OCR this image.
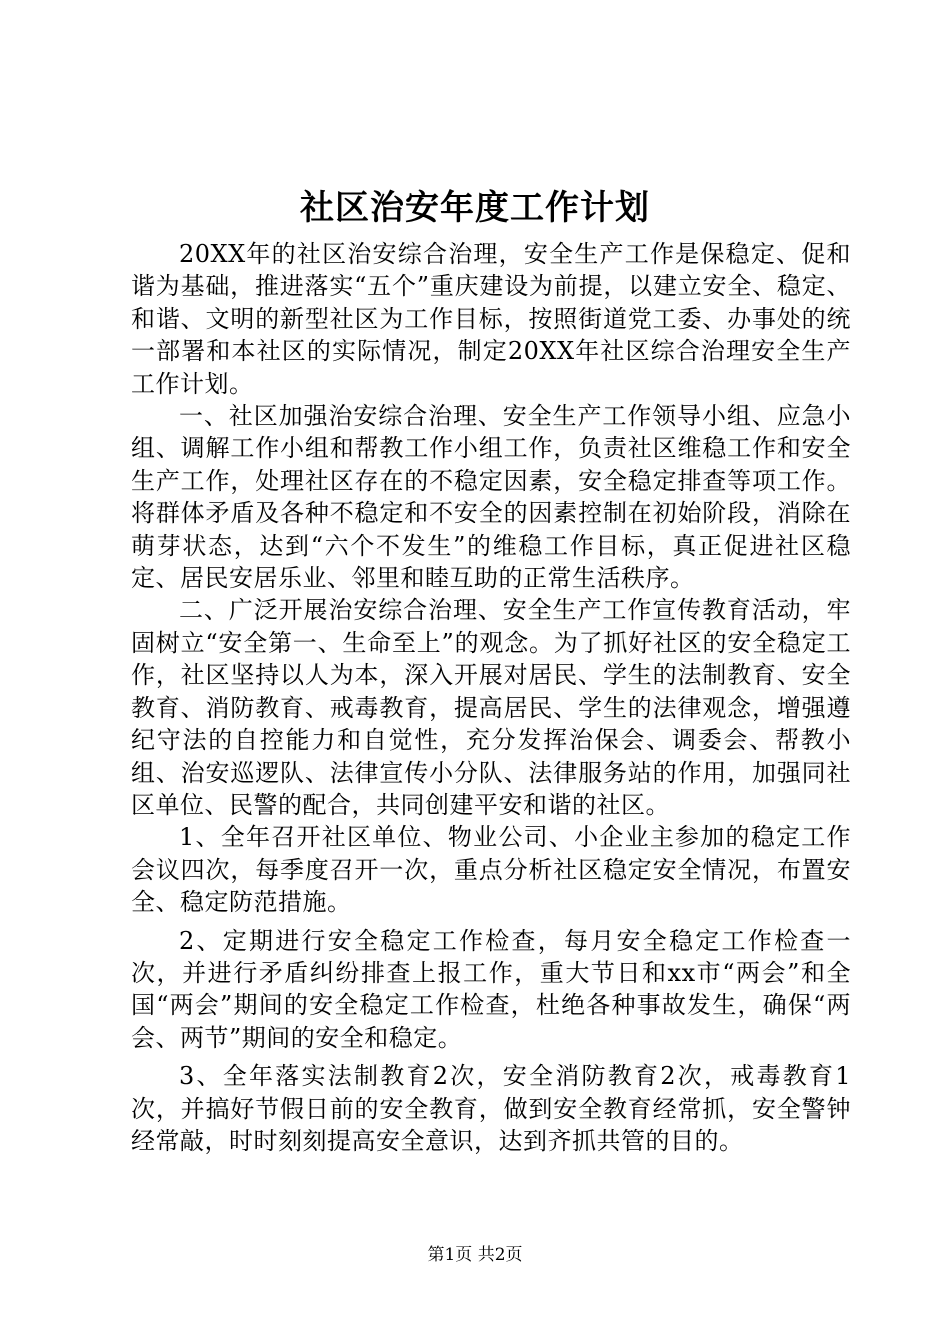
社区治安年度工作计划

20XX年的社区治安综合治理，安全生产工作是保稳定、促和谐为基础，推进落实“五个”重庆建设为前提，以建立安全、稳定、和谐、文明的新型社区为工作目标，按照街道党工委、办事处的统一部署和本社区的实际情况，制定20XX年社区综合治理安全生产工作计划。

一、社区加强治安综合治理、安全生产工作领导小组、应急小组、调解工作小组和帮教工作小组工作，负责社区维稳工作和安全生产工作，处理社区存在的不稳定因素，安全稳定排查等项工作。将群体矛盾及各种不稳定和不安全的因素控制在初始阶段，消除在萌芽状态，达到“六个不发生”的维稳工作目标，真正促进社区稳定、居民安居乐业、邻里和睦互助的正常生活秩序。

二、广泛开展治安综合治理、安全生产工作宣传教育活动，牢固树立“安全第一、生命至上”的观念。为了抓好社区的安全稳定工作，社区坚持以人为本，深入开展对居民、学生的法制教育、安全教育、消防教育、戒毒教育，提高居民、学生的法律观念，增强遵纪守法的自控能力和自觉性，充分发挥治保会、调委会、帮教小组、治安巡逻队、法律宣传小分队、法律服务站的作用，加强同社区单位、民警的配合，共同创建平安和谐的社区。

1、全年召开社区单位、物业公司、小企业主参加的稳定工作会议四次，每季度召开一次，重点分析社区稳定安全情况，布置安全、稳定防范措施。

2、定期进行安全稳定工作检查，每月安全稳定工作检查一次，并进行矛盾纠纷排查上报工作，重大节日和xx市“两会”和全国“两会”期间的安全稳定工作检查，杜绝各种事故发生，确保“两会、两节”期间的安全和稳定。

3、全年落实法制教育2次，安全消防教育2次，戒毒教育1次，并搞好节假日前的安全教育，做到安全教育经常抓，安全警钟经常敲，时时刻刻提高安全意识，达到齐抓共管的目的。

第1页 共2页
